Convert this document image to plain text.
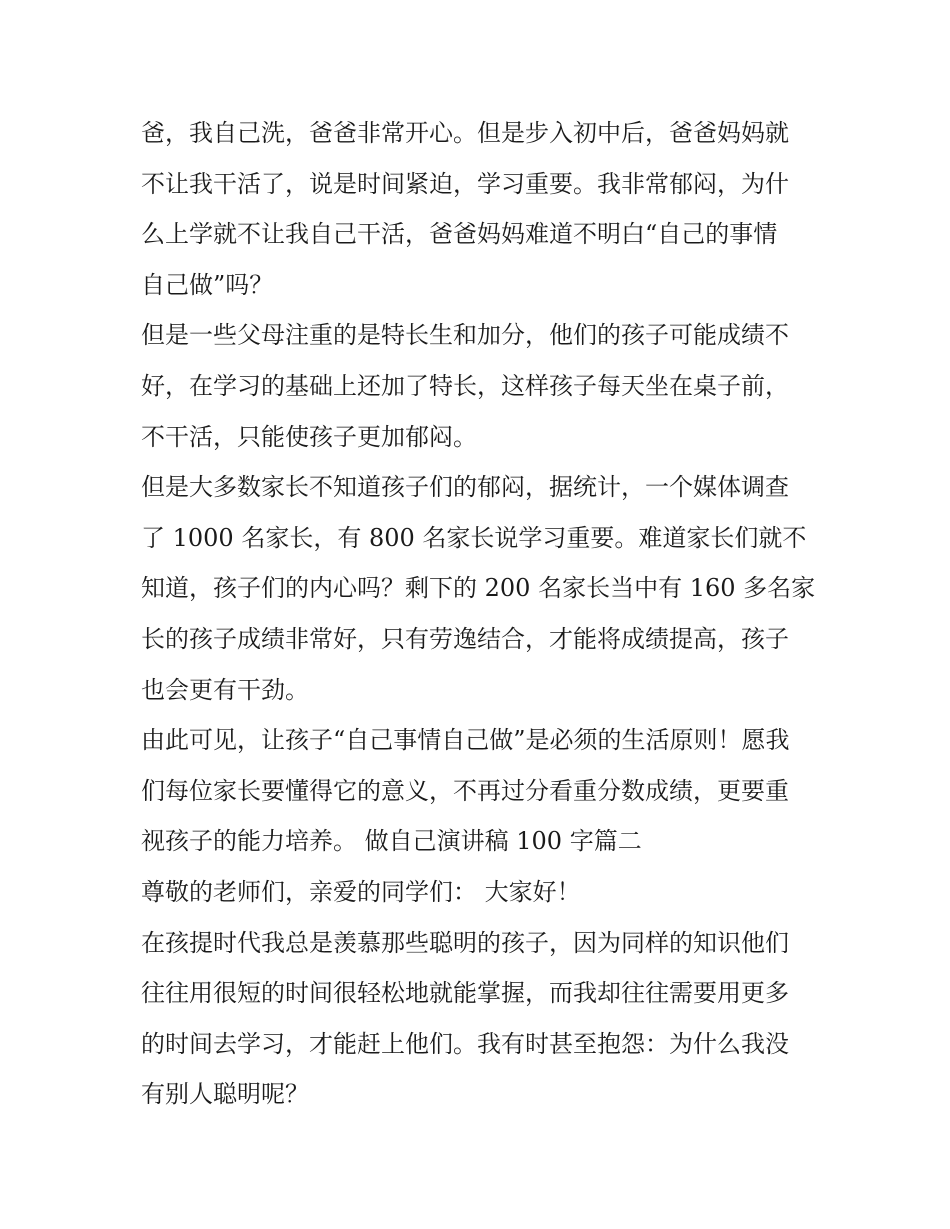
爸，我自己洗，爸爸非常开心。但是步入初中后，爸爸妈妈就
不让我干活了，说是时间紧迫，学习重要。我非常郁闷，为什
么上学就不让我自己干活，爸爸妈妈难道不明白“自己的事情
自己做”吗？
但是一些父母注重的是特长生和加分，他们的孩子可能成绩不
好，在学习的基础上还加了特长，这样孩子每天坐在桌子前，
不干活，只能使孩子更加郁闷。
但是大多数家长不知道孩子们的郁闷，据统计，一个媒体调查
了 1000 名家长，有 800 名家长说学习重要。难道家长们就不
知道，孩子们的内心吗？剩下的 200 名家长当中有 160 多名家
长的孩子成绩非常好，只有劳逸结合，才能将成绩提高，孩子
也会更有干劲。
由此可见，让孩子“自己事情自己做”是必须的生活原则！愿我
们每位家长要懂得它的意义，不再过分看重分数成绩，更要重
视孩子的能力培养。 做自己演讲稿 100 字篇二
尊敬的老师们，亲爱的同学们： 大家好！
在孩提时代我总是羡慕那些聪明的孩子，因为同样的知识他们
往往用很短的时间很轻松地就能掌握，而我却往往需要用更多
的时间去学习，才能赶上他们。我有时甚至抱怨：为什么我没
有别人聪明呢？
